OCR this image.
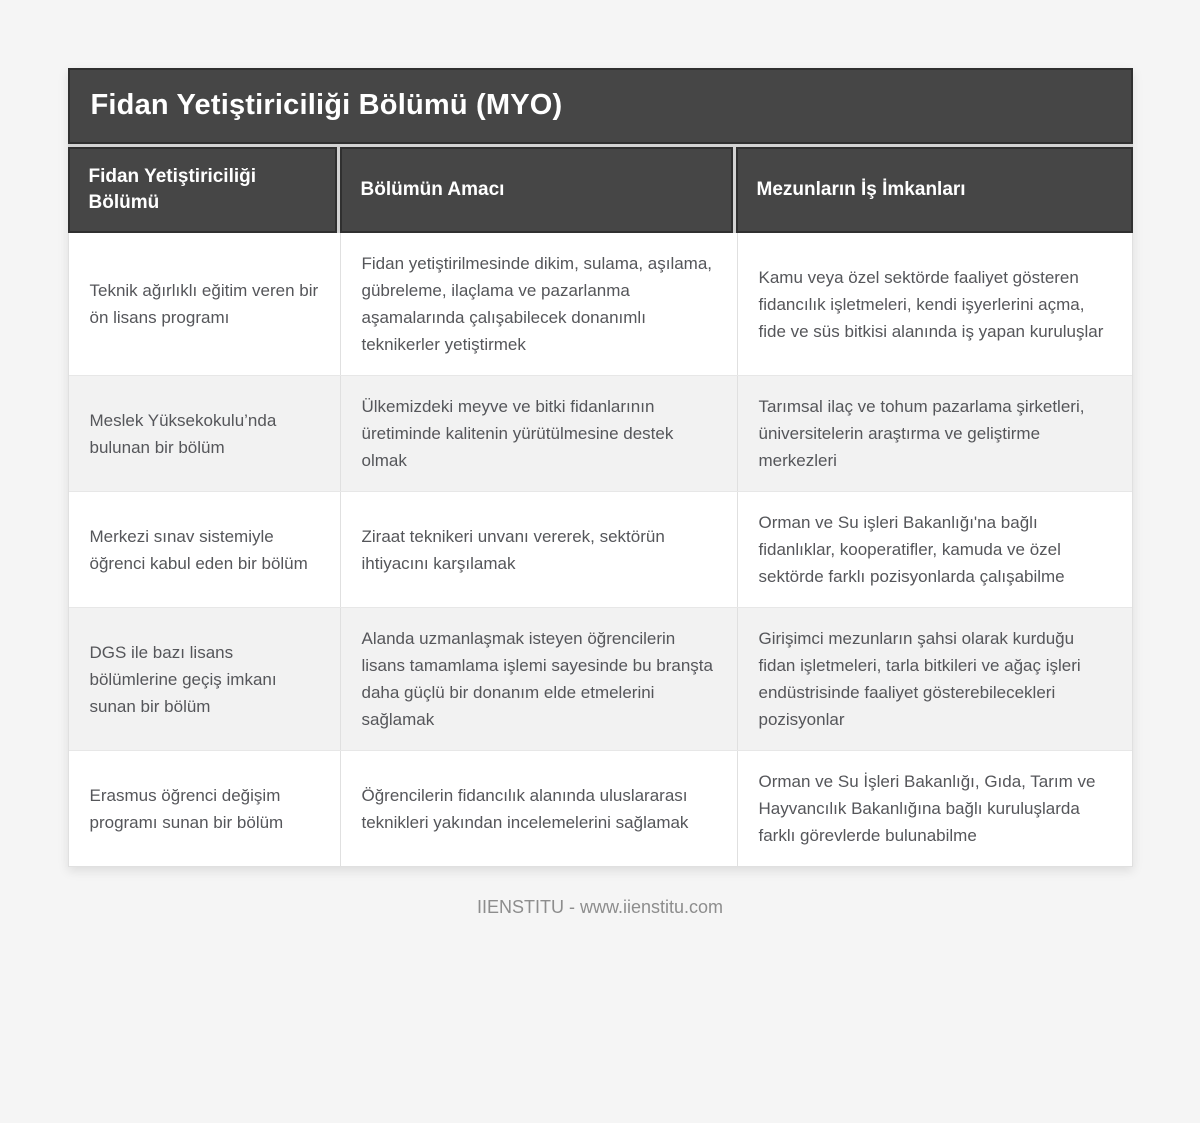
Fidan Yetiştiriciliği Bölümü (MYO)
Fidan Yetiştiriciliği Bölümü
Bölümün Amacı	Mezunların İş İmkanları
Teknik ağırlıklı eğitim veren bir ön lisans programı
Fidan yetiştirilmesinde dikim, sulama, aşılama, gübreleme, ilaçlama ve pazarlanma aşamalarında çalışabilecek donanımlı teknikerler yetiştirmek
Kamu veya özel sektörde faaliyet gösteren fidancılık işletmeleri, kendi işyerlerini açma, fide ve süs bitkisi alanında iş yapan kuruluşlar
Meslek Yüksekokulu’nda bulunan bir bölüm
Ülkemizdeki meyve ve bitki fidanlarının üretiminde kalitenin yürütülmesine destek olmak
Tarımsal ilaç ve tohum pazarlama şirketleri, üniversitelerin araştırma ve geliştirme merkezleri
Merkezi sınav sistemiyle öğrenci kabul eden bir bölüm
Ziraat teknikeri unvanı vererek, sektörün ihtiyacını karşılamak
Orman ve Su işleri Bakanlığı'na bağlı fidanlıklar, kooperatifler, kamuda ve özel sektörde farklı pozisyonlarda çalışabilme
DGS ile bazı lisans bölümlerine geçiş imkanı sunan bir bölüm
Alanda uzmanlaşmak isteyen öğrencilerin lisans tamamlama işlemi sayesinde bu branşta daha güçlü bir donanım elde etmelerini sağlamak
Girişimci mezunların şahsi olarak kurduğu fidan işletmeleri, tarla bitkileri ve ağaç işleri endüstrisinde faaliyet gösterebilecekleri pozisyonlar
Erasmus öğrenci değişim programı sunan bir bölüm
Öğrencilerin fidancılık alanında uluslararası teknikleri yakından incelemelerini sağlamak
Orman ve Su İşleri Bakanlığı, Gıda, Tarım ve Hayvancılık Bakanlığına bağlı kuruluşlarda farklı görevlerde bulunabilme
IIENSTITU - www.iienstitu.com
